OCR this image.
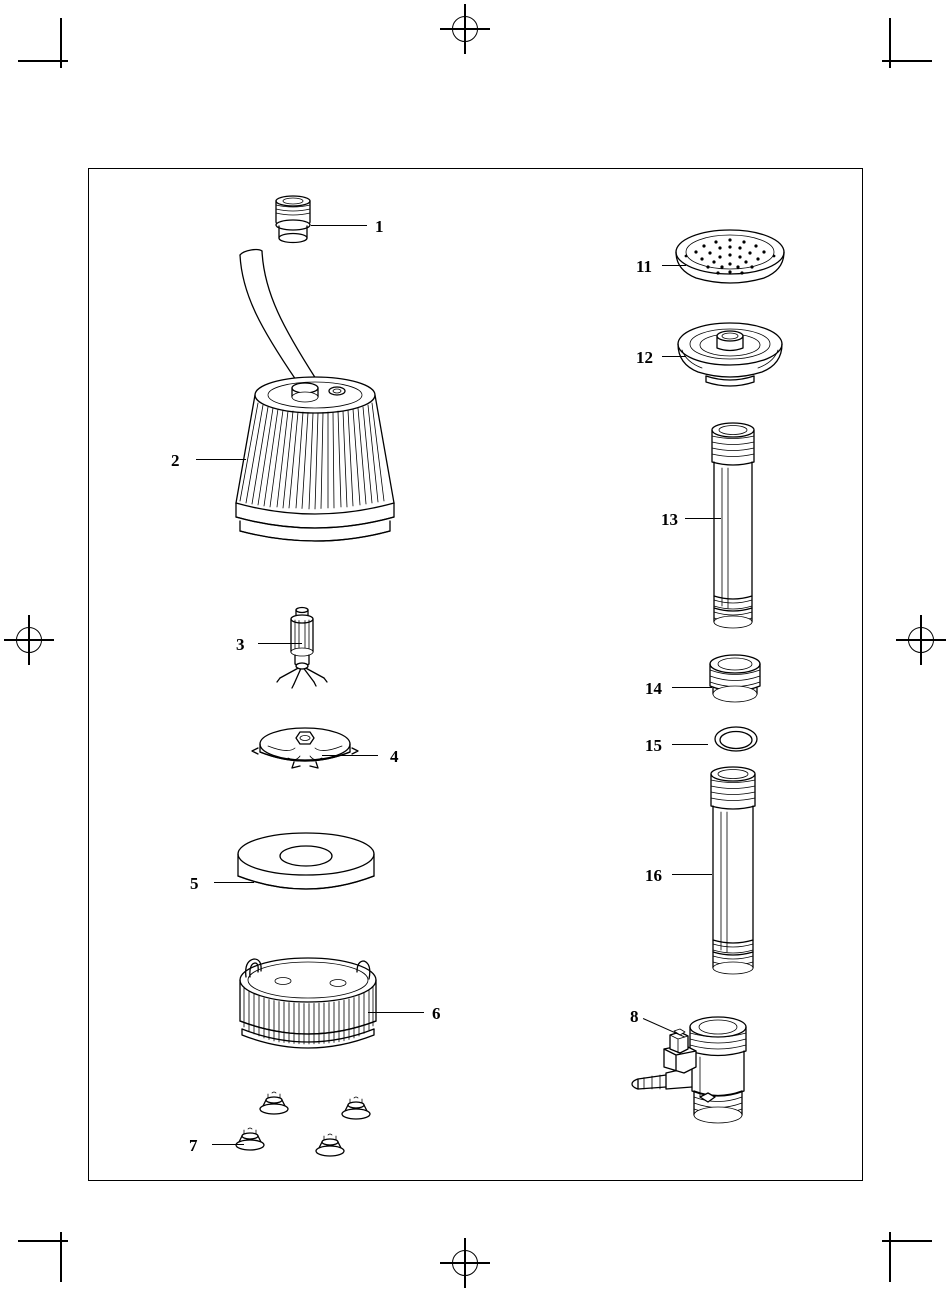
1
2
3
4
5
6
7
11
12
13
14
15
16
8
